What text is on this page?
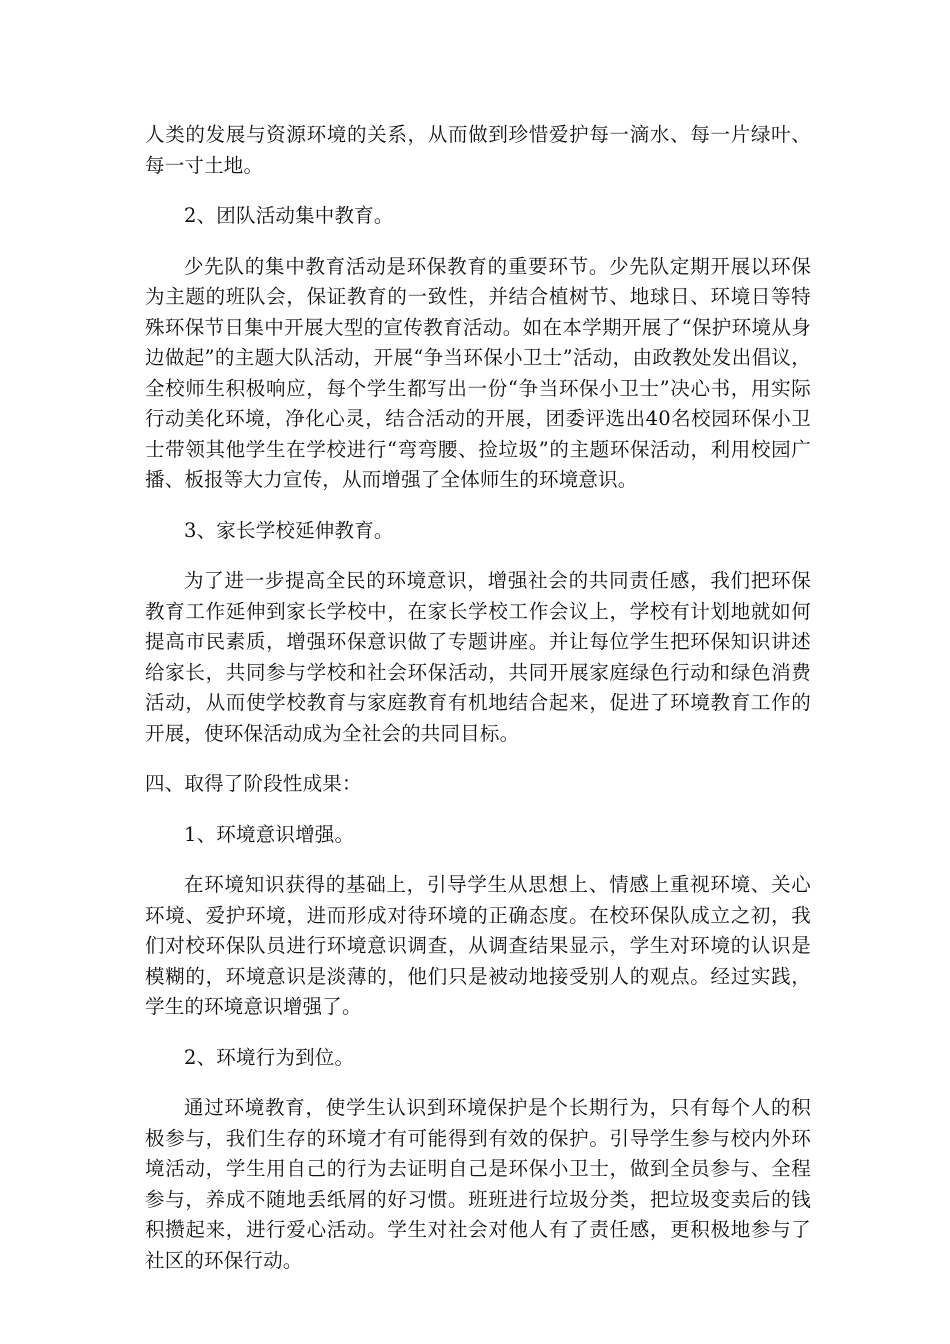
人类的发展与资源环境的关系，从而做到珍惜爱护每一滴水、每一片绿叶、每一寸土地。

2、团队活动集中教育。

少先队的集中教育活动是环保教育的重要环节。少先队定期开展以环保为主题的班队会，保证教育的一致性，并结合植树节、地球日、环境日等特殊环保节日集中开展大型的宣传教育活动。如在本学期开展了“保护环境从身边做起”的主题大队活动，开展“争当环保小卫士”活动，由政教处发出倡议，全校师生积极响应，每个学生都写出一份“争当环保小卫士”决心书，用实际行动美化环境，净化心灵，结合活动的开展，团委评选出40名校园环保小卫士带领其他学生在学校进行“弯弯腰、捡垃圾”的主题环保活动，利用校园广播、板报等大力宣传，从而增强了全体师生的环境意识。

3、家长学校延伸教育。

为了进一步提高全民的环境意识，增强社会的共同责任感，我们把环保教育工作延伸到家长学校中，在家长学校工作会议上，学校有计划地就如何提高市民素质，增强环保意识做了专题讲座。并让每位学生把环保知识讲述给家长，共同参与学校和社会环保活动，共同开展家庭绿色行动和绿色消费活动，从而使学校教育与家庭教育有机地结合起来，促进了环境教育工作的开展，使环保活动成为全社会的共同目标。

四、取得了阶段性成果：

1、环境意识增强。

在环境知识获得的基础上，引导学生从思想上、情感上重视环境、关心环境、爱护环境，进而形成对待环境的正确态度。在校环保队成立之初，我们对校环保队员进行环境意识调查，从调查结果显示，学生对环境的认识是模糊的，环境意识是淡薄的，他们只是被动地接受别人的观点。经过实践，学生的环境意识增强了。

2、环境行为到位。

通过环境教育，使学生认识到环境保护是个长期行为，只有每个人的积极参与，我们生存的环境才有可能得到有效的保护。引导学生参与校内外环境活动，学生用自己的行为去证明自己是环保小卫士，做到全员参与、全程参与，养成不随地丢纸屑的好习惯。班班进行垃圾分类，把垃圾变卖后的钱积攒起来，进行爱心活动。学生对社会对他人有了责任感，更积极地参与了社区的环保行动。
